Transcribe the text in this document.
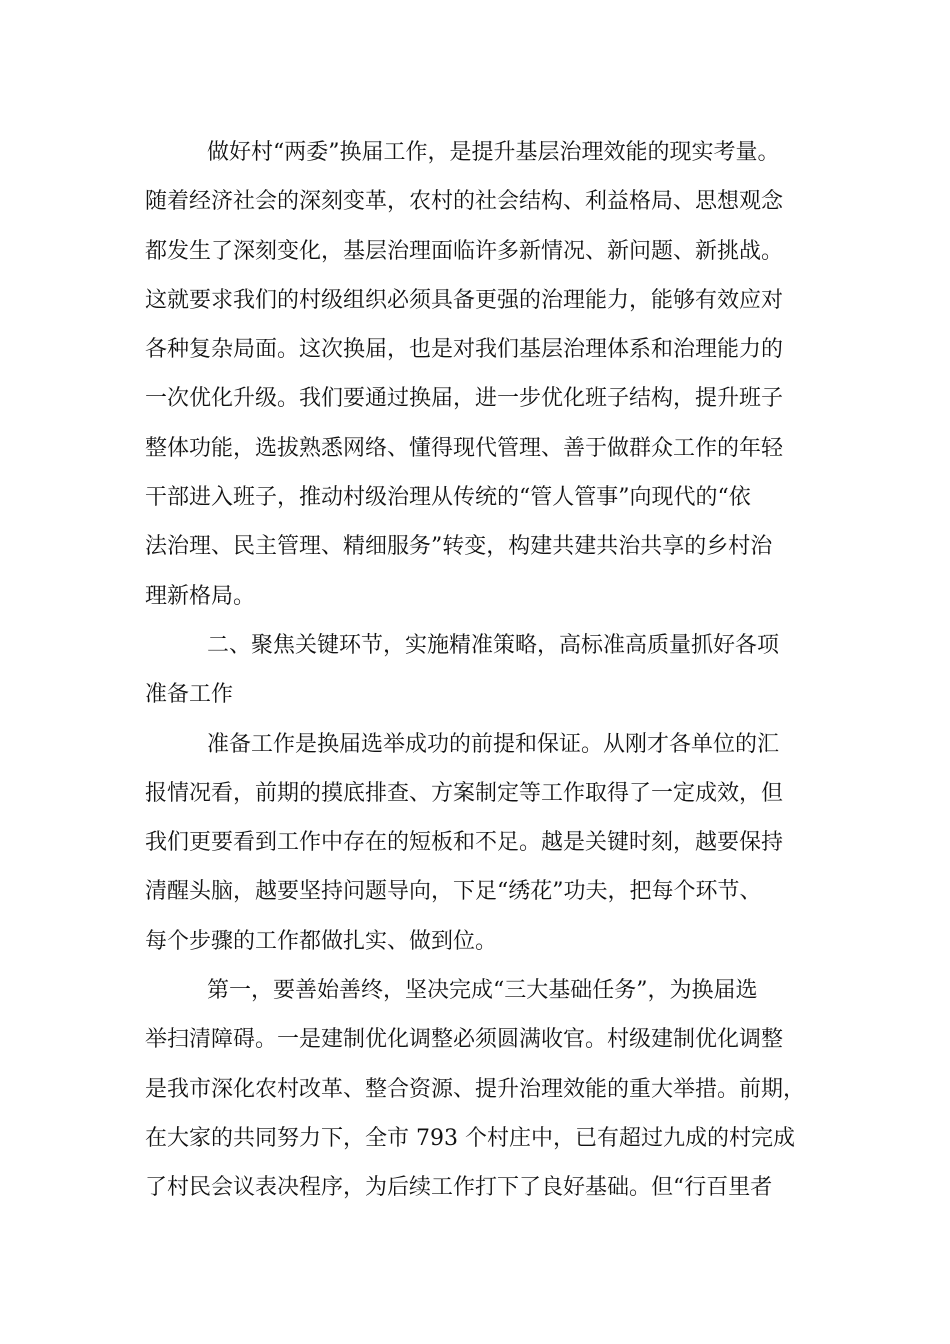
做好村“两委”换届工作，是提升基层治理效能的现实考量。
随着经济社会的深刻变革，农村的社会结构、利益格局、思想观念
都发生了深刻变化，基层治理面临许多新情况、新问题、新挑战。
这就要求我们的村级组织必须具备更强的治理能力，能够有效应对
各种复杂局面。这次换届，也是对我们基层治理体系和治理能力的
一次优化升级。我们要通过换届，进一步优化班子结构，提升班子
整体功能，选拔熟悉网络、懂得现代管理、善于做群众工作的年轻
干部进入班子，推动村级治理从传统的“管人管事”向现代的“依
法治理、民主管理、精细服务”转变，构建共建共治共享的乡村治
理新格局。
二、聚焦关键环节，实施精准策略，高标准高质量抓好各项
准备工作
准备工作是换届选举成功的前提和保证。从刚才各单位的汇
报情况看，前期的摸底排查、方案制定等工作取得了一定成效，但
我们更要看到工作中存在的短板和不足。越是关键时刻，越要保持
清醒头脑，越要坚持问题导向，下足“绣花”功夫，把每个环节、
每个步骤的工作都做扎实、做到位。
第一，要善始善终，坚决完成“三大基础任务”，为换届选
举扫清障碍。一是建制优化调整必须圆满收官。村级建制优化调整
是我市深化农村改革、整合资源、提升治理效能的重大举措。前期，
在大家的共同努力下，全市 793 个村庄中，已有超过九成的村完成
了村民会议表决程序，为后续工作打下了良好基础。但“行百里者
